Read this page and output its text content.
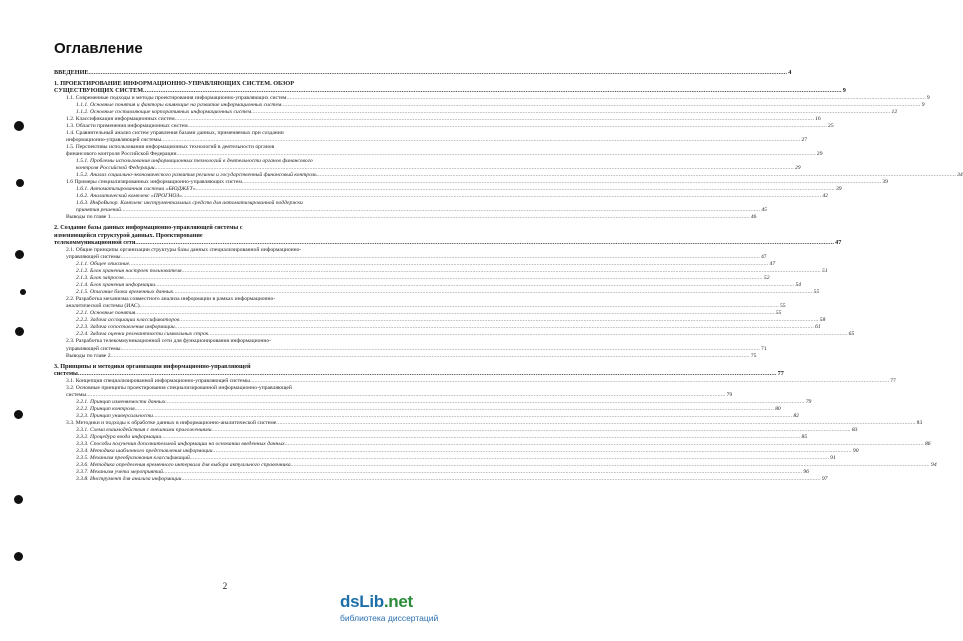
Оглавление
ВВЕДЕНИЕ ................................................................................................................................................................................................................................................................................................................................................................................................................ 4
1. ПРОЕКТИРОВАНИЕ ИНФОРМАЦИОННО-УПРАВЛЯЮЩИХ СИСТЕМ. ОБЗОР
СУЩЕСТВУЮЩИХ СИСТЕМ ................................................................................................................................................................................................................................................................................................................................................................................................................ 9
1.1. Современные подходы и методы проектирования информационно-управляющих систем ................................................................................................................................................................................................................................................................................................................................................................................................................ 9
1.1.1. Основные понятия и факторы влияющие на развитие информационных систем ................................................................................................................................................................................................................................................................................................................................................................................................................ 9
1.1.2. Основные составляющие корпоративных информационных систем ................................................................................................................................................................................................................................................................................................................................................................................................................ 12
1.2. Классификация информационных систем ................................................................................................................................................................................................................................................................................................................................................................................................................ 16
1.3. Области применения информационных систем ................................................................................................................................................................................................................................................................................................................................................................................................................ 25
1.4. Сравнительный анализ систем управления базами данных, применяемых при создании
информационно-управляющей системы ................................................................................................................................................................................................................................................................................................................................................................................................................ 27
1.5. Перспективы использования информационных технологий в деятельности органов
финансового контроля Российской Федерации ................................................................................................................................................................................................................................................................................................................................................................................................................ 29
1.5.1. Проблемы использования информационных технологий в деятельности органов финансового
контроля Российской Федерации ................................................................................................................................................................................................................................................................................................................................................................................................................ 29
1.5.2. Анализ социально-экономического развития региона и государственный финансовый контроль ................................................................................................................................................................................................................................................................................................................................................................................................................ 34
1.6 Примеры специализированных информационно-управляющих систем ................................................................................................................................................................................................................................................................................................................................................................................................................ 39
1.6.1. Автоматизированная система «БЮДЖЕТ» ................................................................................................................................................................................................................................................................................................................................................................................................................ 39
1.6.2. Аналитический комплекс «ПРОГНОЗ» ................................................................................................................................................................................................................................................................................................................................................................................................................ 42
1.6.3. ИнфоВизор. Комплекс инструментальных средств для автоматизированной поддержки
принятия решений ................................................................................................................................................................................................................................................................................................................................................................................................................ 45
Выводы по главе 1 ................................................................................................................................................................................................................................................................................................................................................................................................................ 46
2. Создание базы данных информационно-управляющей системы с
изменяющейся структурой данных. Проектирование
телекоммуникационной сети ................................................................................................................................................................................................................................................................................................................................................................................................................ 47
2.1. Общие принципы организации структуры базы данных специализированной информационно-
управляющей системы ................................................................................................................................................................................................................................................................................................................................................................................................................ 47
2.1.1. Общее описание ................................................................................................................................................................................................................................................................................................................................................................................................................ 47
2.1.2. Блок хранения настроек пользователя ................................................................................................................................................................................................................................................................................................................................................................................................................ 51
2.1.3. Блок запросов ................................................................................................................................................................................................................................................................................................................................................................................................................ 52
2.1.4. Блок хранения информации ................................................................................................................................................................................................................................................................................................................................................................................................................ 54
2.1.5. Описание блока временных данных ................................................................................................................................................................................................................................................................................................................................................................................................................ 55
2.2. Разработка механизма совместного анализа информации в рамках информационно-
аналитической системы (ИАС) ................................................................................................................................................................................................................................................................................................................................................................................................................ 55
2.2.1. Основные понятия ................................................................................................................................................................................................................................................................................................................................................................................................................ 55
2.2.2. Задача ассоциации классификаторов ................................................................................................................................................................................................................................................................................................................................................................................................................ 58
2.2.3. Задача сопоставления информации ................................................................................................................................................................................................................................................................................................................................................................................................................ 61
2.2.4. Задача оценки релевантности символьных строк ................................................................................................................................................................................................................................................................................................................................................................................................................ 65
2.3. Разработка телекоммуникационной сети для функционирования информационно-
управляющей системы ................................................................................................................................................................................................................................................................................................................................................................................................................ 71
Выводы по главе 2 ................................................................................................................................................................................................................................................................................................................................................................................................................ 75
3. Принципы и методики организации информационно-управляющей
системы ................................................................................................................................................................................................................................................................................................................................................................................................................ 77
3.1. Концепция специализированной информационно-управляющей системы ................................................................................................................................................................................................................................................................................................................................................................................................................ 77
3.2. Основные принципы проектирования специализированной информационно-управляющей
системы ................................................................................................................................................................................................................................................................................................................................................................................................................ 79
3.2.1. Принцип изменяемости данных ................................................................................................................................................................................................................................................................................................................................................................................................................ 79
3.2.2. Принцип контроля ................................................................................................................................................................................................................................................................................................................................................................................................................ 80
3.2.3. Принцип универсальности ................................................................................................................................................................................................................................................................................................................................................................................................................ 82
3.3. Методики и подходы к обработке данных в информационно-аналитической системе ................................................................................................................................................................................................................................................................................................................................................................................................................ 83
3.3.1. Схема взаимодействия с внешними приложениями ................................................................................................................................................................................................................................................................................................................................................................................................................ 83
3.3.2. Процедура ввода информации ................................................................................................................................................................................................................................................................................................................................................................................................................ 85
3.3.3. Способы получения дополнительной информации на основании введенных данных ................................................................................................................................................................................................................................................................................................................................................................................................................ 86
3.3.4. Методика шаблонного представления информации ................................................................................................................................................................................................................................................................................................................................................................................................................ 90
3.3.5. Механизм преобразования классификаций ................................................................................................................................................................................................................................................................................................................................................................................................................ 91
3.3.6. Методика определения временного интервала для выбора актуального справочника ................................................................................................................................................................................................................................................................................................................................................................................................................ 94
3.3.7. Механизм учета мероприятий ................................................................................................................................................................................................................................................................................................................................................................................................................ 96
3.3.8. Инструмент для анализа информации ................................................................................................................................................................................................................................................................................................................................................................................................................ 97
2
dsLib.net
библиотека диссертаций
